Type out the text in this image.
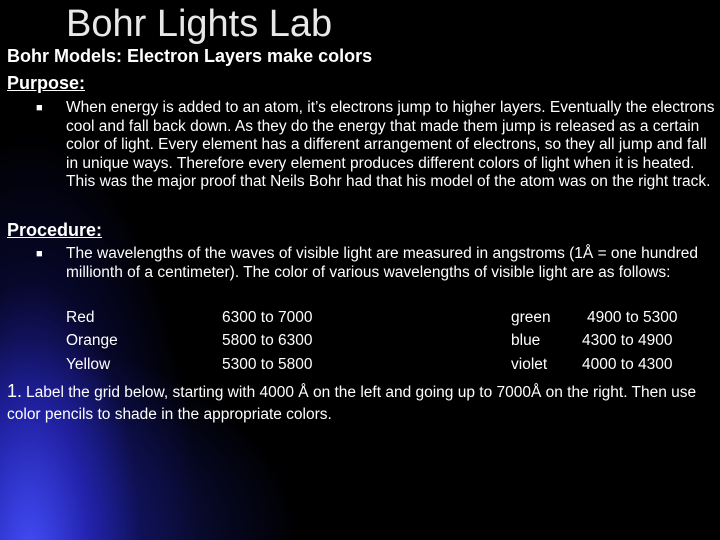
Bohr Lights Lab
Bohr Models: Electron Layers make colors
Purpose:
■ When energy is added to an atom, it’s electrons jump to higher layers. Eventually the electrons cool and fall back down. As they do the energy that made them jump is released as a certain color of light. Every element has a different arrangement of electrons, so they all jump and fall in unique ways. Therefore every element produces different colors of light when it is heated. This was the major proof that Neils Bohr had that his model of the atom was on the right track.
Procedure:
■ The wavelengths of the waves of visible light are measured in angstroms (1Å = one hundred millionth of a centimeter). The color of various wavelengths of visible light are as follows:
Red	6300 to 7000	green 4900 to 5300
Orange	5800 to 6300	blue	4300 to 4900
Yellow	5300 to 5800	violet 4000 to 4300
1. Label the grid below, starting with 4000 Å on the left and going up to 7000Å on the right. Then use color pencils to shade in the appropriate colors.
